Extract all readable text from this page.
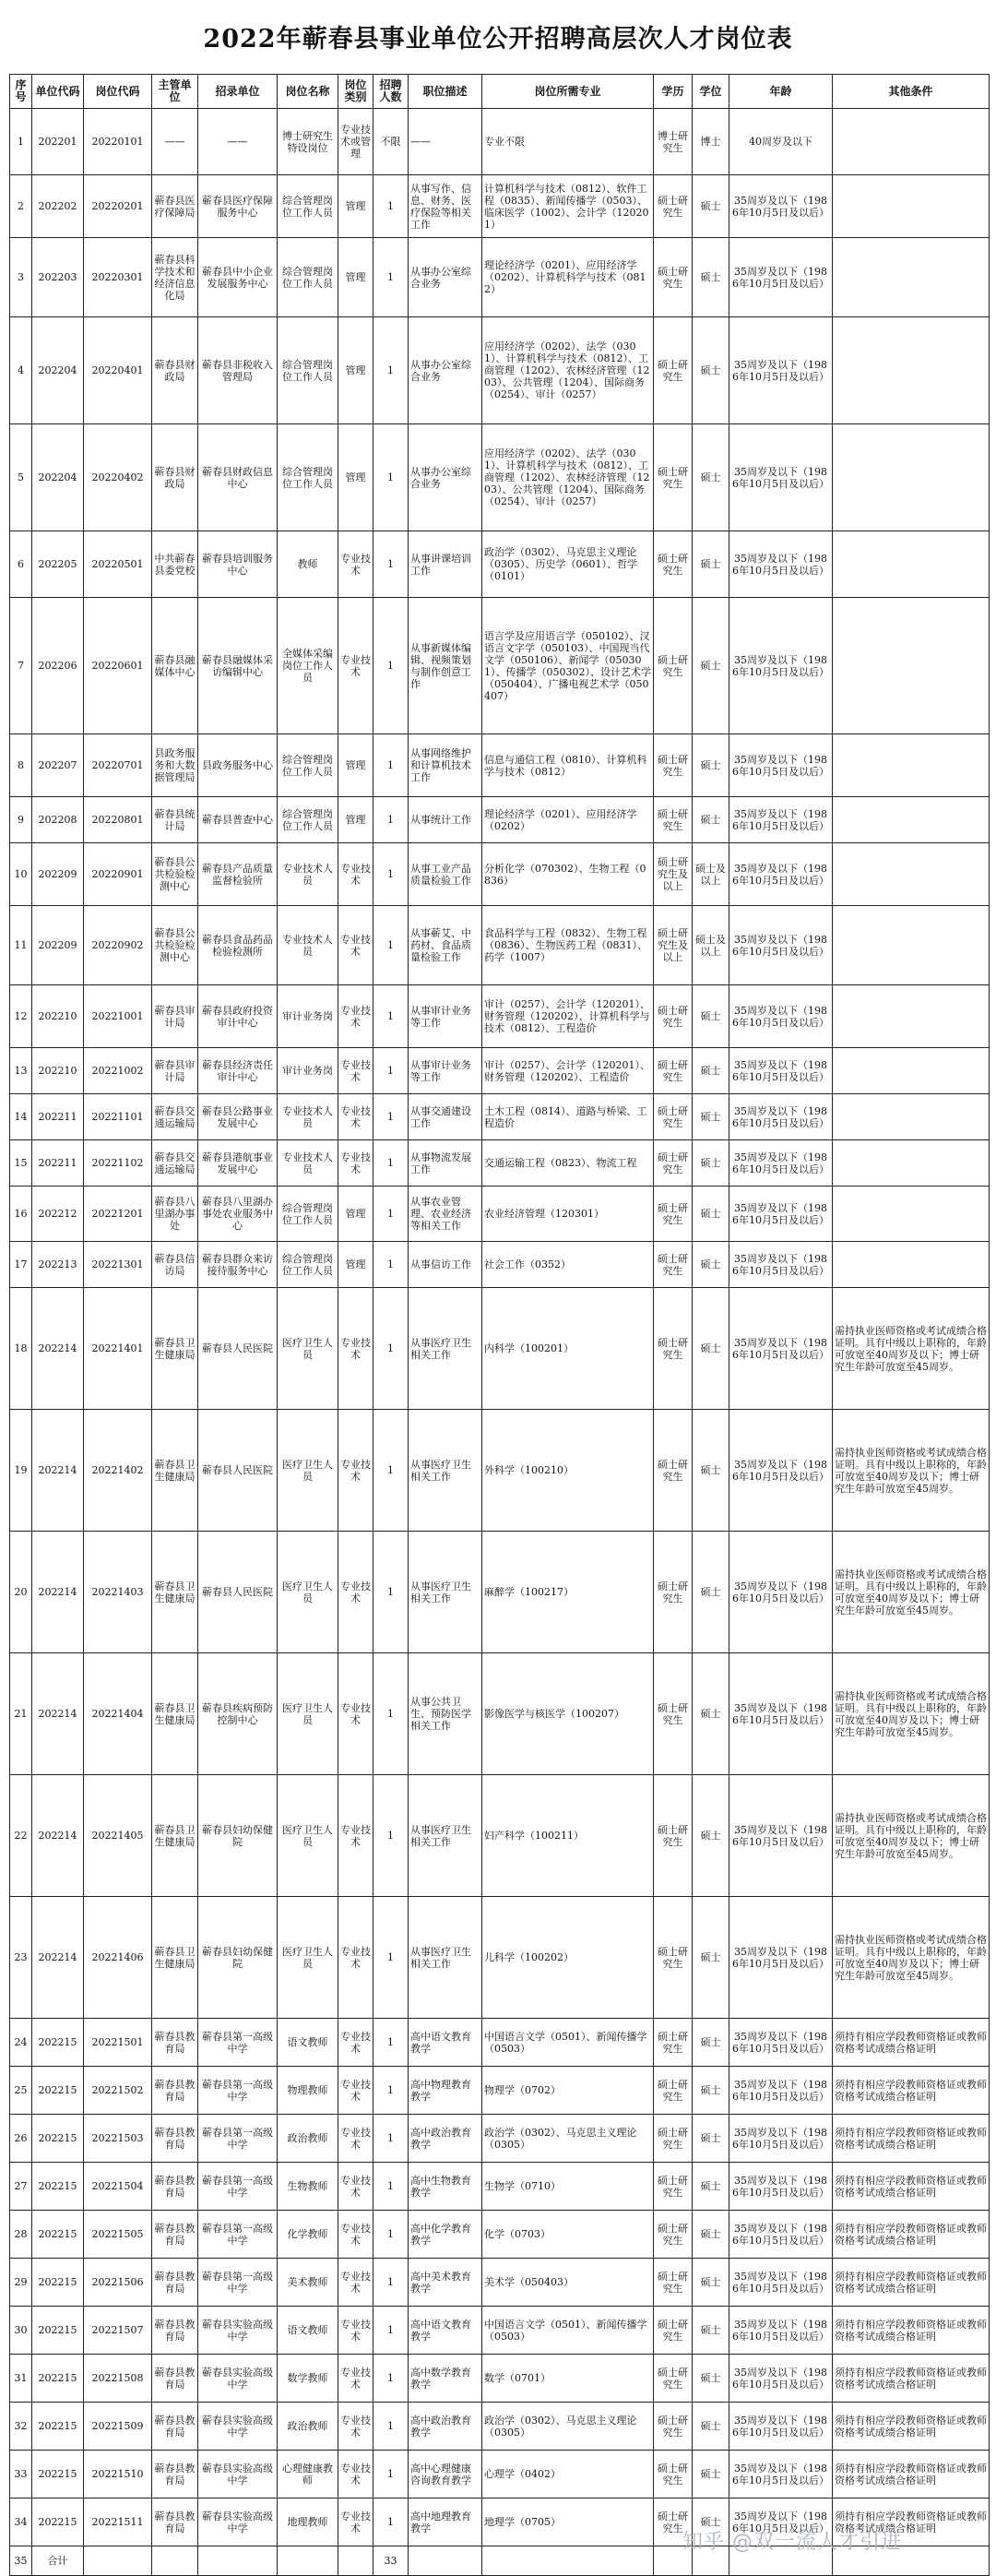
2022年蕲春县事业单位公开招聘高层次人才岗位表
序号	单位代码	岗位代码	主管单位	招录单位	岗位名称	岗位类别	招聘人数	职位描述	岗位所需专业	学历	学位	年龄	其他条件
1	202201	20220101	——	——	博士研究生特设岗位	专业技术或管理	不限	——	专业不限	博士研究生	博士	40周岁及以下	
2	202202	20220201	蕲春县医疗保障局	蕲春县医疗保障服务中心	综合管理岗位工作人员	管理	1	从事写作、信息、财务、医疗保险等相关工作	计算机科学与技术（0812）、软件工程（0835）、新闻传播学（0503）、临床医学（1002）、会计学（120201）	硕士研究生	硕士	35周岁及以下（1986年10月5日及以后）	
3	202203	20220301	蕲春县科学技术和经济信息化局	蕲春县中小企业发展服务中心	综合管理岗位工作人员	管理	1	从事办公室综合业务	理论经济学（0201）、应用经济学（0202）、计算机科学与技术（0812）	硕士研究生	硕士	35周岁及以下（1986年10月5日及以后）	
4	202204	20220401	蕲春县财政局	蕲春县非税收入管理局	综合管理岗位工作人员	管理	1	从事办公室综合业务	应用经济学（0202）、法学（0301）、计算机科学与技术（0812）、工商管理（1202）、农林经济管理（1203）、公共管理（1204）、国际商务（0254）、审计（0257）	硕士研究生	硕士	35周岁及以下（1986年10月5日及以后）	
5	202204	20220402	蕲春县财政局	蕲春县财政信息中心	综合管理岗位工作人员	管理	1	从事办公室综合业务	应用经济学（0202）、法学（0301）、计算机科学与技术（0812）、工商管理（1202）、农林经济管理（1203）、公共管理（1204）、国际商务（0254）、审计（0257）	硕士研究生	硕士	35周岁及以下（1986年10月5日及以后）	
6	202205	20220501	中共蕲春县委党校	蕲春县培训服务中心	教师	专业技术	1	从事讲课培训工作	政治学（0302）、马克思主义理论（0305）、历史学（0601）、哲学（0101）	硕士研究生	硕士	35周岁及以下（1986年10月5日及以后）	
7	202206	20220601	蕲春县融媒体中心	蕲春县融媒体采访编辑中心	全媒体采编岗位工作人员	专业技术	1	从事新媒体编辑、视频策划与制作创意工作	语言学及应用语言学（050102）、汉语言文字学（050103）、中国现当代文学（050106）、新闻学（050301）、传播学（050302）、设计艺术学（050404）、广播电视艺术学（050407）	硕士研究生	硕士	35周岁及以下（1986年10月5日及以后）	
8	202207	20220701	县政务服务和大数据管理局	县政务服务中心	综合管理岗位工作人员	管理	1	从事网络维护和计算机技术工作	信息与通信工程（0810）、计算机科学与技术（0812）	硕士研究生	硕士	35周岁及以下（1986年10月5日及以后）	
9	202208	20220801	蕲春县统计局	蕲春县普查中心	综合管理岗位工作人员	管理	1	从事统计工作	理论经济学（0201）、应用经济学（0202）	硕士研究生	硕士	35周岁及以下（1986年10月5日及以后）	
10	202209	20220901	蕲春县公共检验检测中心	蕲春县产品质量监督检验所	专业技术人员	专业技术	1	从事工业产品质量检验工作	分析化学（070302）、生物工程（0836）	硕士研究生及以上	硕士及以上	35周岁及以下（1986年10月5日及以后）	
11	202209	20220902	蕲春县公共检验检测中心	蕲春县食品药品检验检测所	专业技术人员	专业技术	1	从事蕲艾、中药材、食品质量检验工作	食品科学与工程（0832）、生物工程（0836）、生物医药工程（0831）、药学（1007）	硕士研究生及以上	硕士及以上	35周岁及以下（1986年10月5日及以后）	
12	202210	20221001	蕲春县审计局	蕲春县政府投资审计中心	审计业务岗	专业技术	1	从事审计业务等工作	审计（0257）、会计学（120201）、财务管理（120202）、计算机科学与技术（0812）、工程造价	硕士研究生	硕士	35周岁及以下（1986年10月5日及以后）	
13	202210	20221002	蕲春县审计局	蕲春县经济责任审计中心	审计业务岗	专业技术	1	从事审计业务等工作	审计（0257）、会计学（120201）、财务管理（120202）、工程造价	硕士研究生	硕士	35周岁及以下（1986年10月5日及以后）	
14	202211	20221101	蕲春县交通运输局	蕲春县公路事业发展中心	专业技术人员	专业技术	1	从事交通建设工作	土木工程（0814）、道路与桥梁、工程造价	硕士研究生	硕士	35周岁及以下（1986年10月5日及以后）	
15	202211	20221102	蕲春县交通运输局	蕲春县港航事业发展中心	专业技术人员	专业技术	1	从事物流发展工作	交通运输工程（0823）、物流工程	硕士研究生	硕士	35周岁及以下（1986年10月5日及以后）	
16	202212	20221201	蕲春县八里湖办事处	蕲春县八里湖办事处农业服务中心	综合管理岗位工作人员	管理	1	从事农业管理、农业经济等相关工作	农业经济管理（120301）	硕士研究生	硕士	35周岁及以下（1986年10月5日及以后）	
17	202213	20221301	蕲春县信访局	蕲春县群众来访接待服务中心	综合管理岗位工作人员	管理	1	从事信访工作	社会工作（0352）	硕士研究生	硕士	35周岁及以下（1986年10月5日及以后）	
18	202214	20221401	蕲春县卫生健康局	蕲春县人民医院	医疗卫生人员	专业技术	1	从事医疗卫生相关工作	内科学（100201）	硕士研究生	硕士	35周岁及以下（1986年10月5日及以后）	需持执业医师资格或考试成绩合格证明。具有中级以上职称的，年龄可放宽至40周岁及以下；博士研究生年龄可放宽至45周岁。
19	202214	20221402	蕲春县卫生健康局	蕲春县人民医院	医疗卫生人员	专业技术	1	从事医疗卫生相关工作	外科学（100210）	硕士研究生	硕士	35周岁及以下（1986年10月5日及以后）	需持执业医师资格或考试成绩合格证明。具有中级以上职称的，年龄可放宽至40周岁及以下；博士研究生年龄可放宽至45周岁。
20	202214	20221403	蕲春县卫生健康局	蕲春县人民医院	医疗卫生人员	专业技术	1	从事医疗卫生相关工作	麻醉学（100217）	硕士研究生	硕士	35周岁及以下（1986年10月5日及以后）	需持执业医师资格或考试成绩合格证明。具有中级以上职称的，年龄可放宽至40周岁及以下；博士研究生年龄可放宽至45周岁。
21	202214	20221404	蕲春县卫生健康局	蕲春县疾病预防控制中心	医疗卫生人员	专业技术	1	从事公共卫生、预防医学相关工作	影像医学与核医学（100207）	硕士研究生	硕士	35周岁及以下（1986年10月5日及以后）	需持执业医师资格或考试成绩合格证明。具有中级以上职称的，年龄可放宽至40周岁及以下；博士研究生年龄可放宽至45周岁。
22	202214	20221405	蕲春县卫生健康局	蕲春县妇幼保健院	医疗卫生人员	专业技术	1	从事医疗卫生相关工作	妇产科学（100211）	硕士研究生	硕士	35周岁及以下（1986年10月5日及以后）	需持执业医师资格或考试成绩合格证明。具有中级以上职称的，年龄可放宽至40周岁及以下；博士研究生年龄可放宽至45周岁。
23	202214	20221406	蕲春县卫生健康局	蕲春县妇幼保健院	医疗卫生人员	专业技术	1	从事医疗卫生相关工作	儿科学（100202）	硕士研究生	硕士	35周岁及以下（1986年10月5日及以后）	需持执业医师资格或考试成绩合格证明。具有中级以上职称的，年龄可放宽至40周岁及以下；博士研究生年龄可放宽至45周岁。
24	202215	20221501	蕲春县教育局	蕲春县第一高级中学	语文教师	专业技术	1	高中语文教育教学	中国语言文学（0501）、新闻传播学（0503）	硕士研究生	硕士	35周岁及以下（1986年10月5日及以后）	须持有相应学段教师资格证或教师资格考试成绩合格证明
25	202215	20221502	蕲春县教育局	蕲春县第一高级中学	物理教师	专业技术	1	高中物理教育教学	物理学（0702）	硕士研究生	硕士	35周岁及以下（1986年10月5日及以后）	须持有相应学段教师资格证或教师资格考试成绩合格证明
26	202215	20221503	蕲春县教育局	蕲春县第一高级中学	政治教师	专业技术	1	高中政治教育教学	政治学（0302）、马克思主义理论（0305）	硕士研究生	硕士	35周岁及以下（1986年10月5日及以后）	须持有相应学段教师资格证或教师资格考试成绩合格证明
27	202215	20221504	蕲春县教育局	蕲春县第一高级中学	生物教师	专业技术	1	高中生物教育教学	生物学（0710）	硕士研究生	硕士	35周岁及以下（1986年10月5日及以后）	须持有相应学段教师资格证或教师资格考试成绩合格证明
28	202215	20221505	蕲春县教育局	蕲春县第一高级中学	化学教师	专业技术	1	高中化学教育教学	化学（0703）	硕士研究生	硕士	35周岁及以下（1986年10月5日及以后）	须持有相应学段教师资格证或教师资格考试成绩合格证明
29	202215	20221506	蕲春县教育局	蕲春县第一高级中学	美术教师	专业技术	1	高中美术教育教学	美术学（050403）	硕士研究生	硕士	35周岁及以下（1986年10月5日及以后）	须持有相应学段教师资格证或教师资格考试成绩合格证明
30	202215	20221507	蕲春县教育局	蕲春县实验高级中学	语文教师	专业技术	1	高中语文教育教学	中国语言文学（0501）、新闻传播学（0503）	硕士研究生	硕士	35周岁及以下（1986年10月5日及以后）	须持有相应学段教师资格证或教师资格考试成绩合格证明
31	202215	20221508	蕲春县教育局	蕲春县实验高级中学	数学教师	专业技术	1	高中数学教育教学	数学（0701）	硕士研究生	硕士	35周岁及以下（1986年10月5日及以后）	须持有相应学段教师资格证或教师资格考试成绩合格证明
32	202215	20221509	蕲春县教育局	蕲春县实验高级中学	政治教师	专业技术	1	高中政治教育教学	政治学（0302）、马克思主义理论（0305）	硕士研究生	硕士	35周岁及以下（1986年10月5日及以后）	须持有相应学段教师资格证或教师资格考试成绩合格证明
33	202215	20221510	蕲春县教育局	蕲春县实验高级中学	心理健康教师	专业技术	1	高中心理健康咨询教育教学	心理学（0402）	硕士研究生	硕士	35周岁及以下（1986年10月5日及以后）	须持有相应学段教师资格证或教师资格考试成绩合格证明
34	202215	20221511	蕲春县教育局	蕲春县实验高级中学	地理教师	专业技术	1	高中地理教育教学	地理学（0705）	硕士研究生	硕士	35周岁及以下（1986年10月5日及以后）	须持有相应学段教师资格证或教师资格考试成绩合格证明
35	合计						33						
知乎 @双一流人才引进
